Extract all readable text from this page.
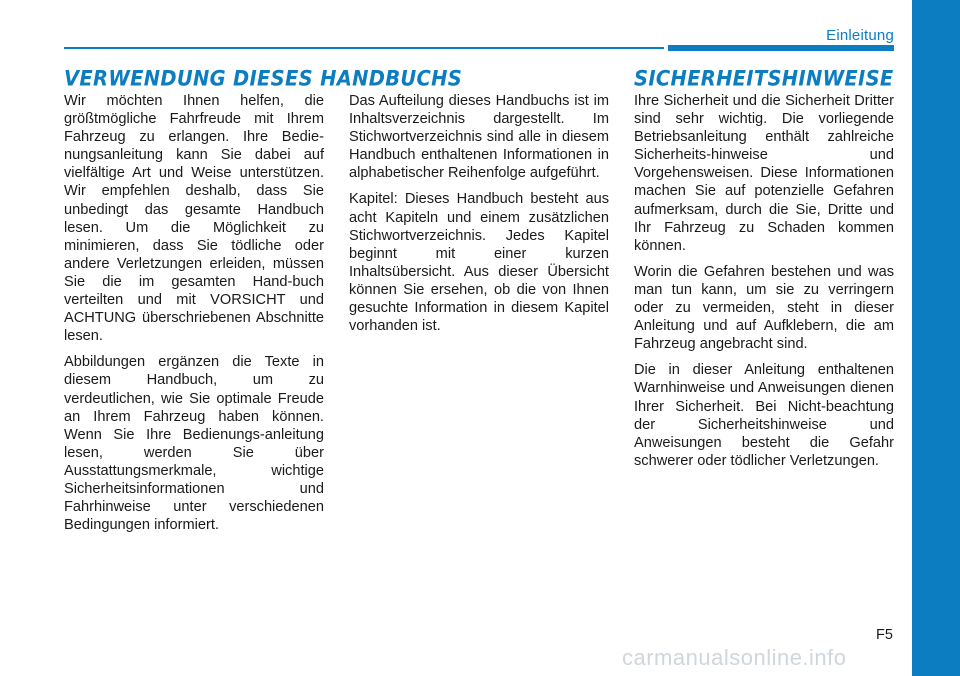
Einleitung
VERWENDUNG DIESES HANDBUCHS	SICHERHEITSHINWEISE

Wir möchten Ihnen helfen, die größtmögliche Fahrfreude mit Ihrem Fahrzeug zu erlangen. Ihre Bedie-nungsanleitung kann Sie dabei auf vielfältige Art und Weise unterstützen. Wir empfehlen deshalb, dass Sie unbedingt das gesamte Handbuch lesen. Um die Möglichkeit zu minimieren, dass Sie tödliche oder andere Verletzungen erleiden, müssen Sie die im gesamten Hand-buch verteilten und mit VORSICHT und ACHTUNG überschriebenen Abschnitte lesen.

Abbildungen ergänzen die Texte in diesem Handbuch, um zu verdeutlichen, wie Sie optimale Freude an Ihrem Fahrzeug haben können. Wenn Sie Ihre Bedienungs-anleitung lesen, werden Sie über Ausstattungsmerkmale, wichtige Sicherheitsinformationen und Fahrhinweise unter verschiedenen Bedingungen informiert.

Das Aufteilung dieses Handbuchs ist im Inhaltsverzeichnis dargestellt. Im Stichwortverzeichnis sind alle in diesem Handbuch enthaltenen Informationen in alphabetischer Reihenfolge aufgeführt.

Kapitel: Dieses Handbuch besteht aus acht Kapiteln und einem zusätzlichen Stichwortverzeichnis. Jedes Kapitel beginnt mit einer kurzen Inhaltsübersicht. Aus dieser Übersicht können Sie ersehen, ob die von Ihnen gesuchte Information in diesem Kapitel vorhanden ist.

Ihre Sicherheit und die Sicherheit Dritter sind sehr wichtig. Die vorliegende Betriebsanleitung enthält zahlreiche Sicherheits-hinweise und Vorgehensweisen. Diese Informationen machen Sie auf potenzielle Gefahren aufmerksam, durch die Sie, Dritte und Ihr Fahrzeug zu Schaden kommen können.

Worin die Gefahren bestehen und was man tun kann, um sie zu verringern oder zu vermeiden, steht in dieser Anleitung und auf Aufklebern, die am Fahrzeug angebracht sind.

Die in dieser Anleitung enthaltenen Warnhinweise und Anweisungen dienen Ihrer Sicherheit. Bei Nicht-beachtung der Sicherheitshinweise und Anweisungen besteht die Gefahr schwerer oder tödlicher Verletzungen.

F5
carmanualsonline.info
